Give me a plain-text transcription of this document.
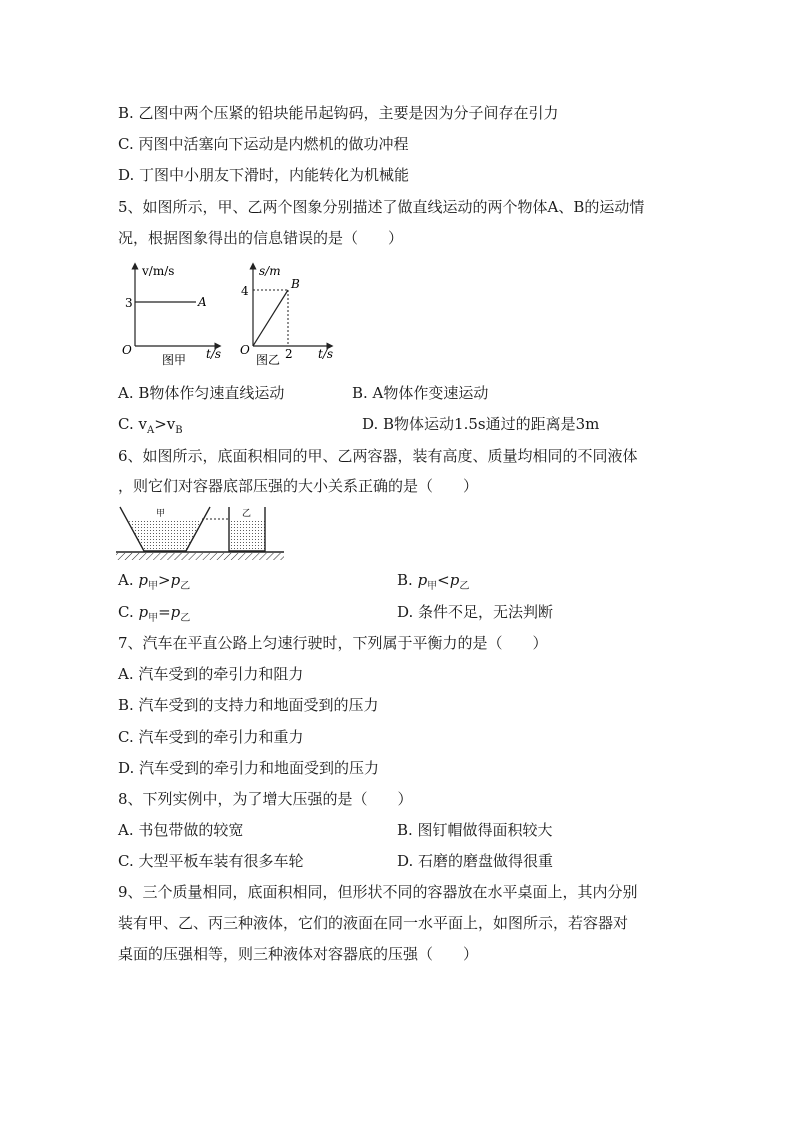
B. 乙图中两个压紧的铅块能吊起钩码，主要是因为分子间存在引力
C. 丙图中活塞向下运动是内燃机的做功冲程
D. 丁图中小朋友下滑时，内能转化为机械能
5、如图所示，甲、乙两个图象分别描述了做直线运动的两个物体A、B的运动情
况，根据图象得出的信息错误的是（　　）
v/m/s
3	A
O	t/s
图甲
s/m
4	B
2
O	t/s
图乙
A. B物体作匀速直线运动	B. A物体作变速运动
C. $v_A>v_B$	D. B物体运动1.5s通过的距离是3m
6、如图所示，底面积相同的甲、乙两容器，装有高度、质量均相同的不同液体
，则它们对容器底部压强的大小关系正确的是（　　）
甲	乙
A. $p_甲>p_乙$	B. $p_甲<p_乙$
C. $p_甲=p_乙$	D. 条件不足，无法判断
7、汽车在平直公路上匀速行驶时，下列属于平衡力的是（　　）
A. 汽车受到的牵引力和阻力
B. 汽车受到的支持力和地面受到的压力
C. 汽车受到的牵引力和重力
D. 汽车受到的牵引力和地面受到的压力
8、下列实例中，为了增大压强的是（　　）
A. 书包带做的较宽	B. 图钉帽做得面积较大
C. 大型平板车装有很多车轮	D. 石磨的磨盘做得很重
9、三个质量相同，底面积相同，但形状不同的容器放在水平桌面上，其内分别
装有甲、乙、丙三种液体，它们的液面在同一水平面上，如图所示，若容器对
桌面的压强相等，则三种液体对容器底的压强（　　）
